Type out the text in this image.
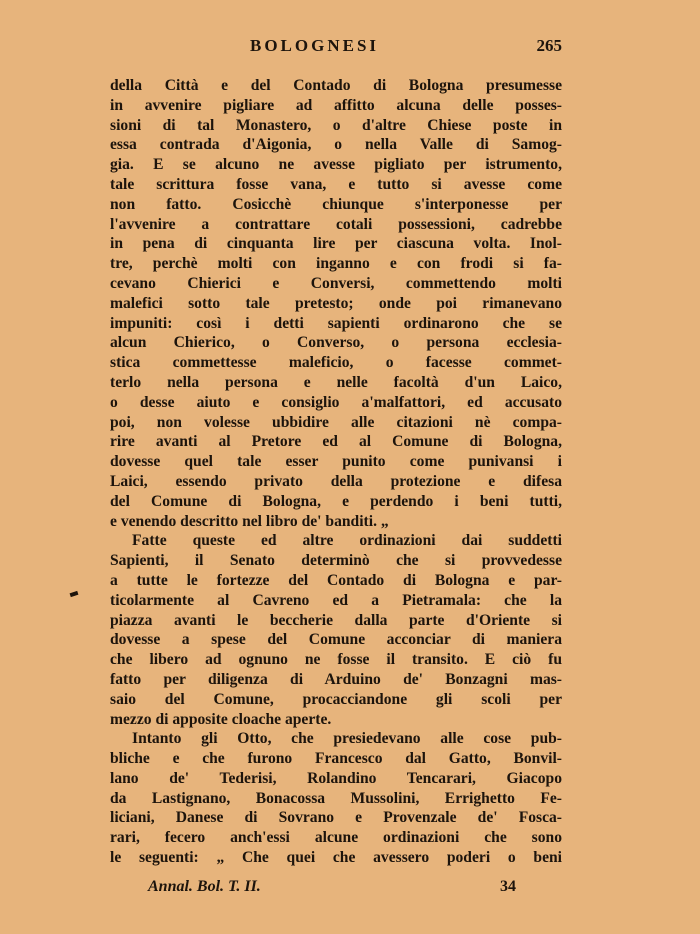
BOLOGNESI	265
della Città e del Contado di Bologna presumesse
in avvenire pigliare ad affitto alcuna delle posses-
sioni di tal Monastero, o d'altre Chiese poste in
essa contrada d'Aigonia, o nella Valle di Samog-
gia. E se alcuno ne avesse pigliato per istrumento,
tale scrittura fosse vana, e tutto si avesse come
non fatto. Cosicchè chiunque s'interponesse per
l'avvenire a contrattare cotali possessioni, cadrebbe
in pena di cinquanta lire per ciascuna volta. Inol-
tre, perchè molti con inganno e con frodi si fa-
cevano Chierici e Conversi, commettendo molti
malefici sotto tale pretesto; onde poi rimanevano
impuniti: così i detti sapienti ordinarono che se
alcun Chierico, o Converso, o persona ecclesia-
stica commettesse maleficio, o facesse commet-
terlo nella persona e nelle facoltà d'un Laico,
o desse aiuto e consiglio a'malfattori, ed accusato
poi, non volesse ubbidire alle citazioni nè compa-
rire avanti al Pretore ed al Comune di Bologna,
dovesse quel tale esser punito come punivansi i
Laici, essendo privato della protezione e difesa
del Comune di Bologna, e perdendo i beni tutti,
e venendo descritto nel libro de' banditi. „
Fatte queste ed altre ordinazioni dai suddetti
Sapienti, il Senato determinò che si provvedesse
a tutte le fortezze del Contado di Bologna e par-
ticolarmente al Cavreno ed a Pietramala: che la
piazza avanti le beccherie dalla parte d'Oriente si
dovesse a spese del Comune acconciar di maniera
che libero ad ognuno ne fosse il transito. E ciò fu
fatto per diligenza di Arduino de' Bonzagni mas-
saio del Comune, procacciandone gli scoli per
mezzo di apposite cloache aperte.
Intanto gli Otto, che presiedevano alle cose pub-
bliche e che furono Francesco dal Gatto, Bonvil-
lano de' Tederisi, Rolandino Tencarari, Giacopo
da Lastignano, Bonacossa Mussolini, Errighetto Fe-
liciani, Danese di Sovrano e Provenzale de' Fosca-
rari, fecero anch'essi alcune ordinazioni che sono
le seguenti: „ Che quei che avessero poderi o beni
Annal. Bol. T. II.	34
